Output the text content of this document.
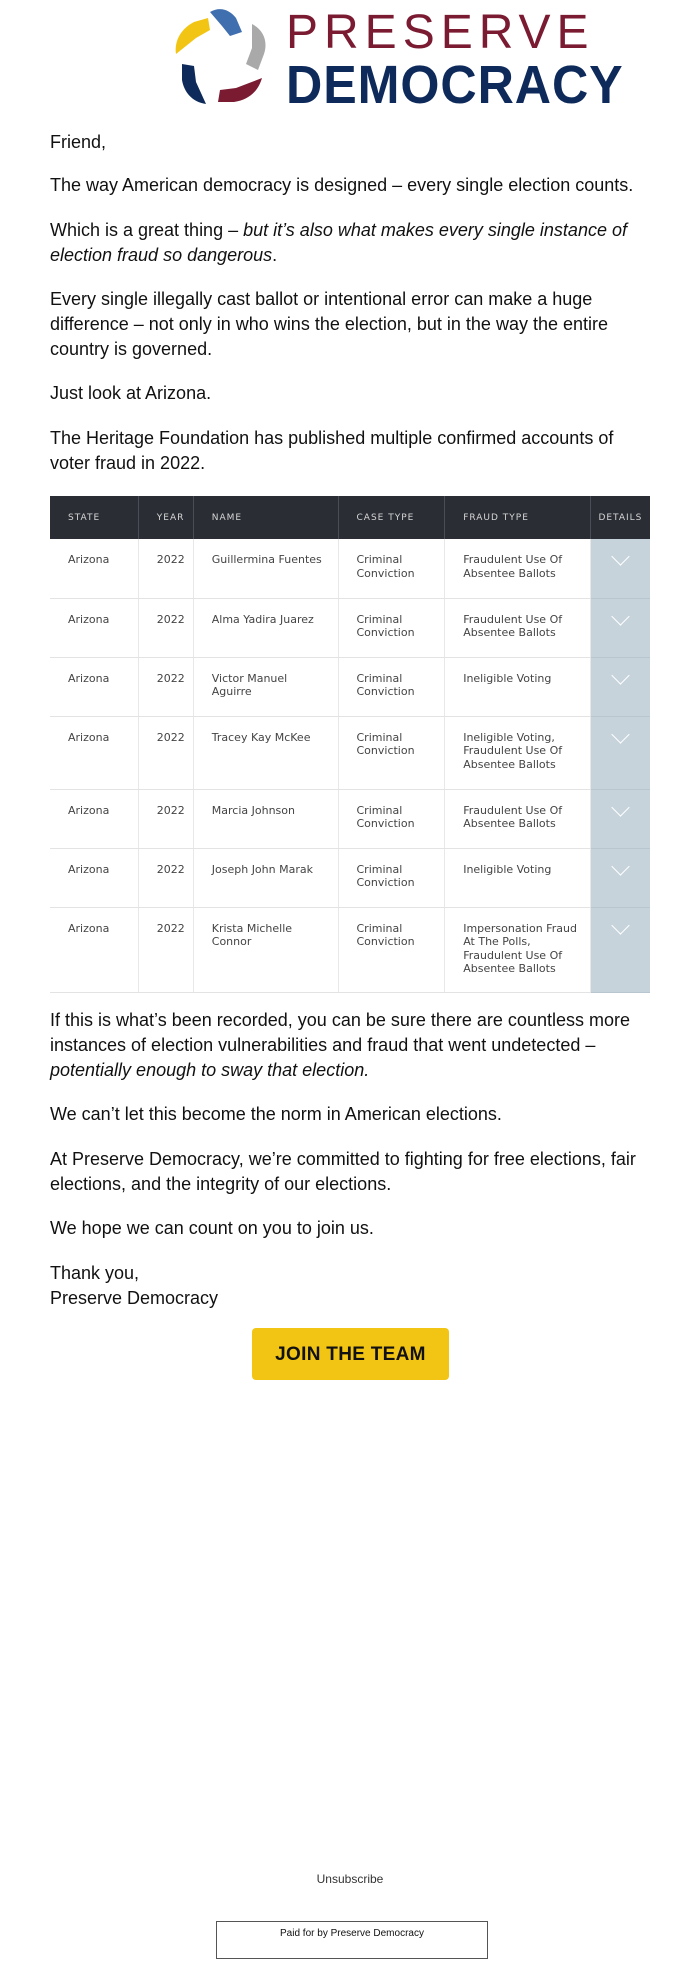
PRESERVE
DEMOCRACY

Friend,

The way American democracy is designed – every single election counts.

Which is a great thing – but it’s also what makes every single instance of election fraud so dangerous.

Every single illegally cast ballot or intentional error can make a huge difference – not only in who wins the election, but in the way the entire country is governed.

Just look at Arizona.

The Heritage Foundation has published multiple confirmed accounts of voter fraud in 2022.

STATE	YEAR	NAME	CASE TYPE	FRAUD TYPE	DETAILS
Arizona	2022	Guillermina Fuentes	Criminal Conviction	Fraudulent Use Of Absentee Ballots	
Arizona	2022	Alma Yadira Juarez	Criminal Conviction	Fraudulent Use Of Absentee Ballots	
Arizona	2022	Victor Manuel Aguirre	Criminal Conviction	Ineligible Voting	
Arizona	2022	Tracey Kay McKee	Criminal Conviction	Ineligible Voting, Fraudulent Use Of Absentee Ballots	
Arizona	2022	Marcia Johnson	Criminal Conviction	Fraudulent Use Of Absentee Ballots	
Arizona	2022	Joseph John Marak	Criminal Conviction	Ineligible Voting	
Arizona	2022	Krista Michelle Connor	Criminal Conviction	Impersonation Fraud At The Polls, Fraudulent Use Of Absentee Ballots	

If this is what’s been recorded, you can be sure there are countless more instances of election vulnerabilities and fraud that went undetected – potentially enough to sway that election.

We can’t let this become the norm in American elections.

At Preserve Democracy, we’re committed to fighting for free elections, fair elections, and the integrity of our elections.

We hope we can count on you to join us.

Thank you,

Preserve Democracy

JOIN THE TEAM
Unsubscribe
Paid for by Preserve Democracy
